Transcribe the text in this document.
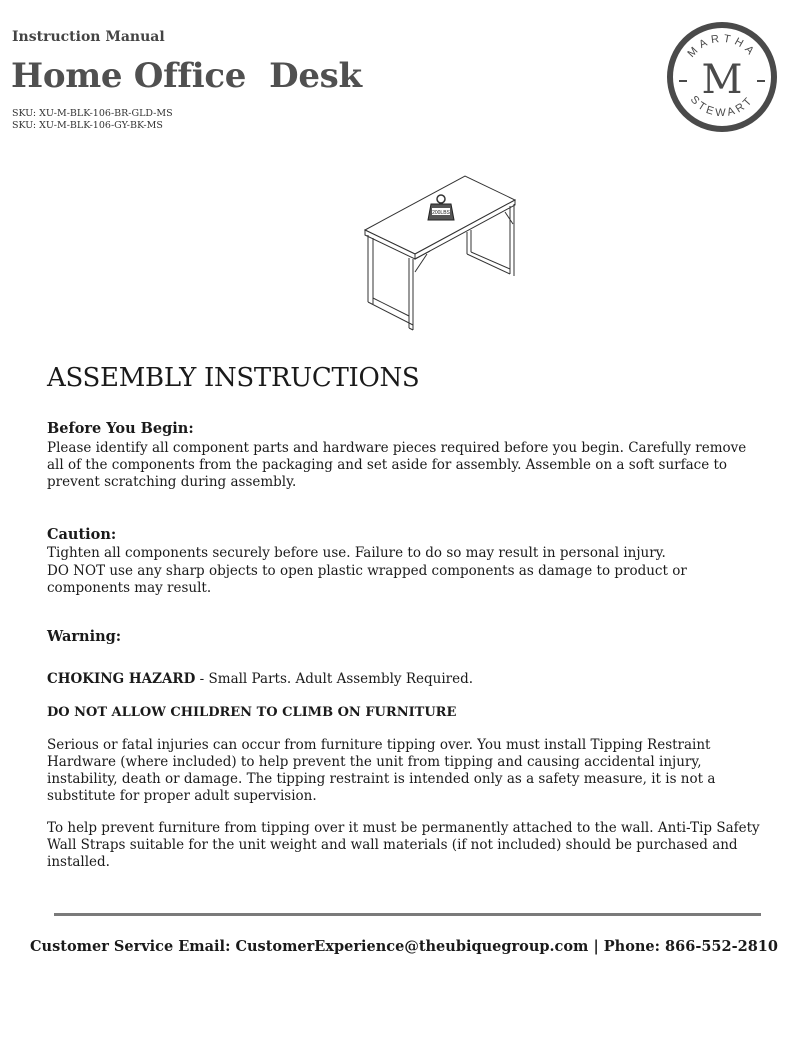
Instruction Manual
Home Office  Desk
SKU: XU-M-BLK-106-BR-GLD-MS
SKU: XU-M-BLK-106-GY-BK-MS
MARTHA
STEWART
M
200LBS
ASSEMBLY INSTRUCTIONS
Before You Begin:
Please identify all component parts and hardware pieces required before you begin. Carefully remove all of the components from the packaging and set aside for assembly. Assemble on a soft surface to prevent scratching during assembly.
Caution:
Tighten all components securely before use. Failure to do so may result in personal injury.
DO NOT use any sharp objects to open plastic wrapped components as damage to product or components may result.
Warning:
CHOKING HAZARD - Small Parts. Adult Assembly Required.
DO NOT ALLOW CHILDREN TO CLIMB ON FURNITURE
Serious or fatal injuries can occur from furniture tipping over. You must install Tipping Restraint Hardware (where included) to help prevent the unit from tipping and causing accidental injury, instability, death or damage. The tipping restraint is intended only as a safety measure, it is not a substitute for proper adult supervision.
To help prevent furniture from tipping over it must be permanently attached to the wall. Anti-Tip Safety Wall Straps suitable for the unit weight and wall materials (if not included) should be purchased and installed.
Customer Service Email: CustomerExperience@theubiquegroup.com | Phone: 866-552-2810
